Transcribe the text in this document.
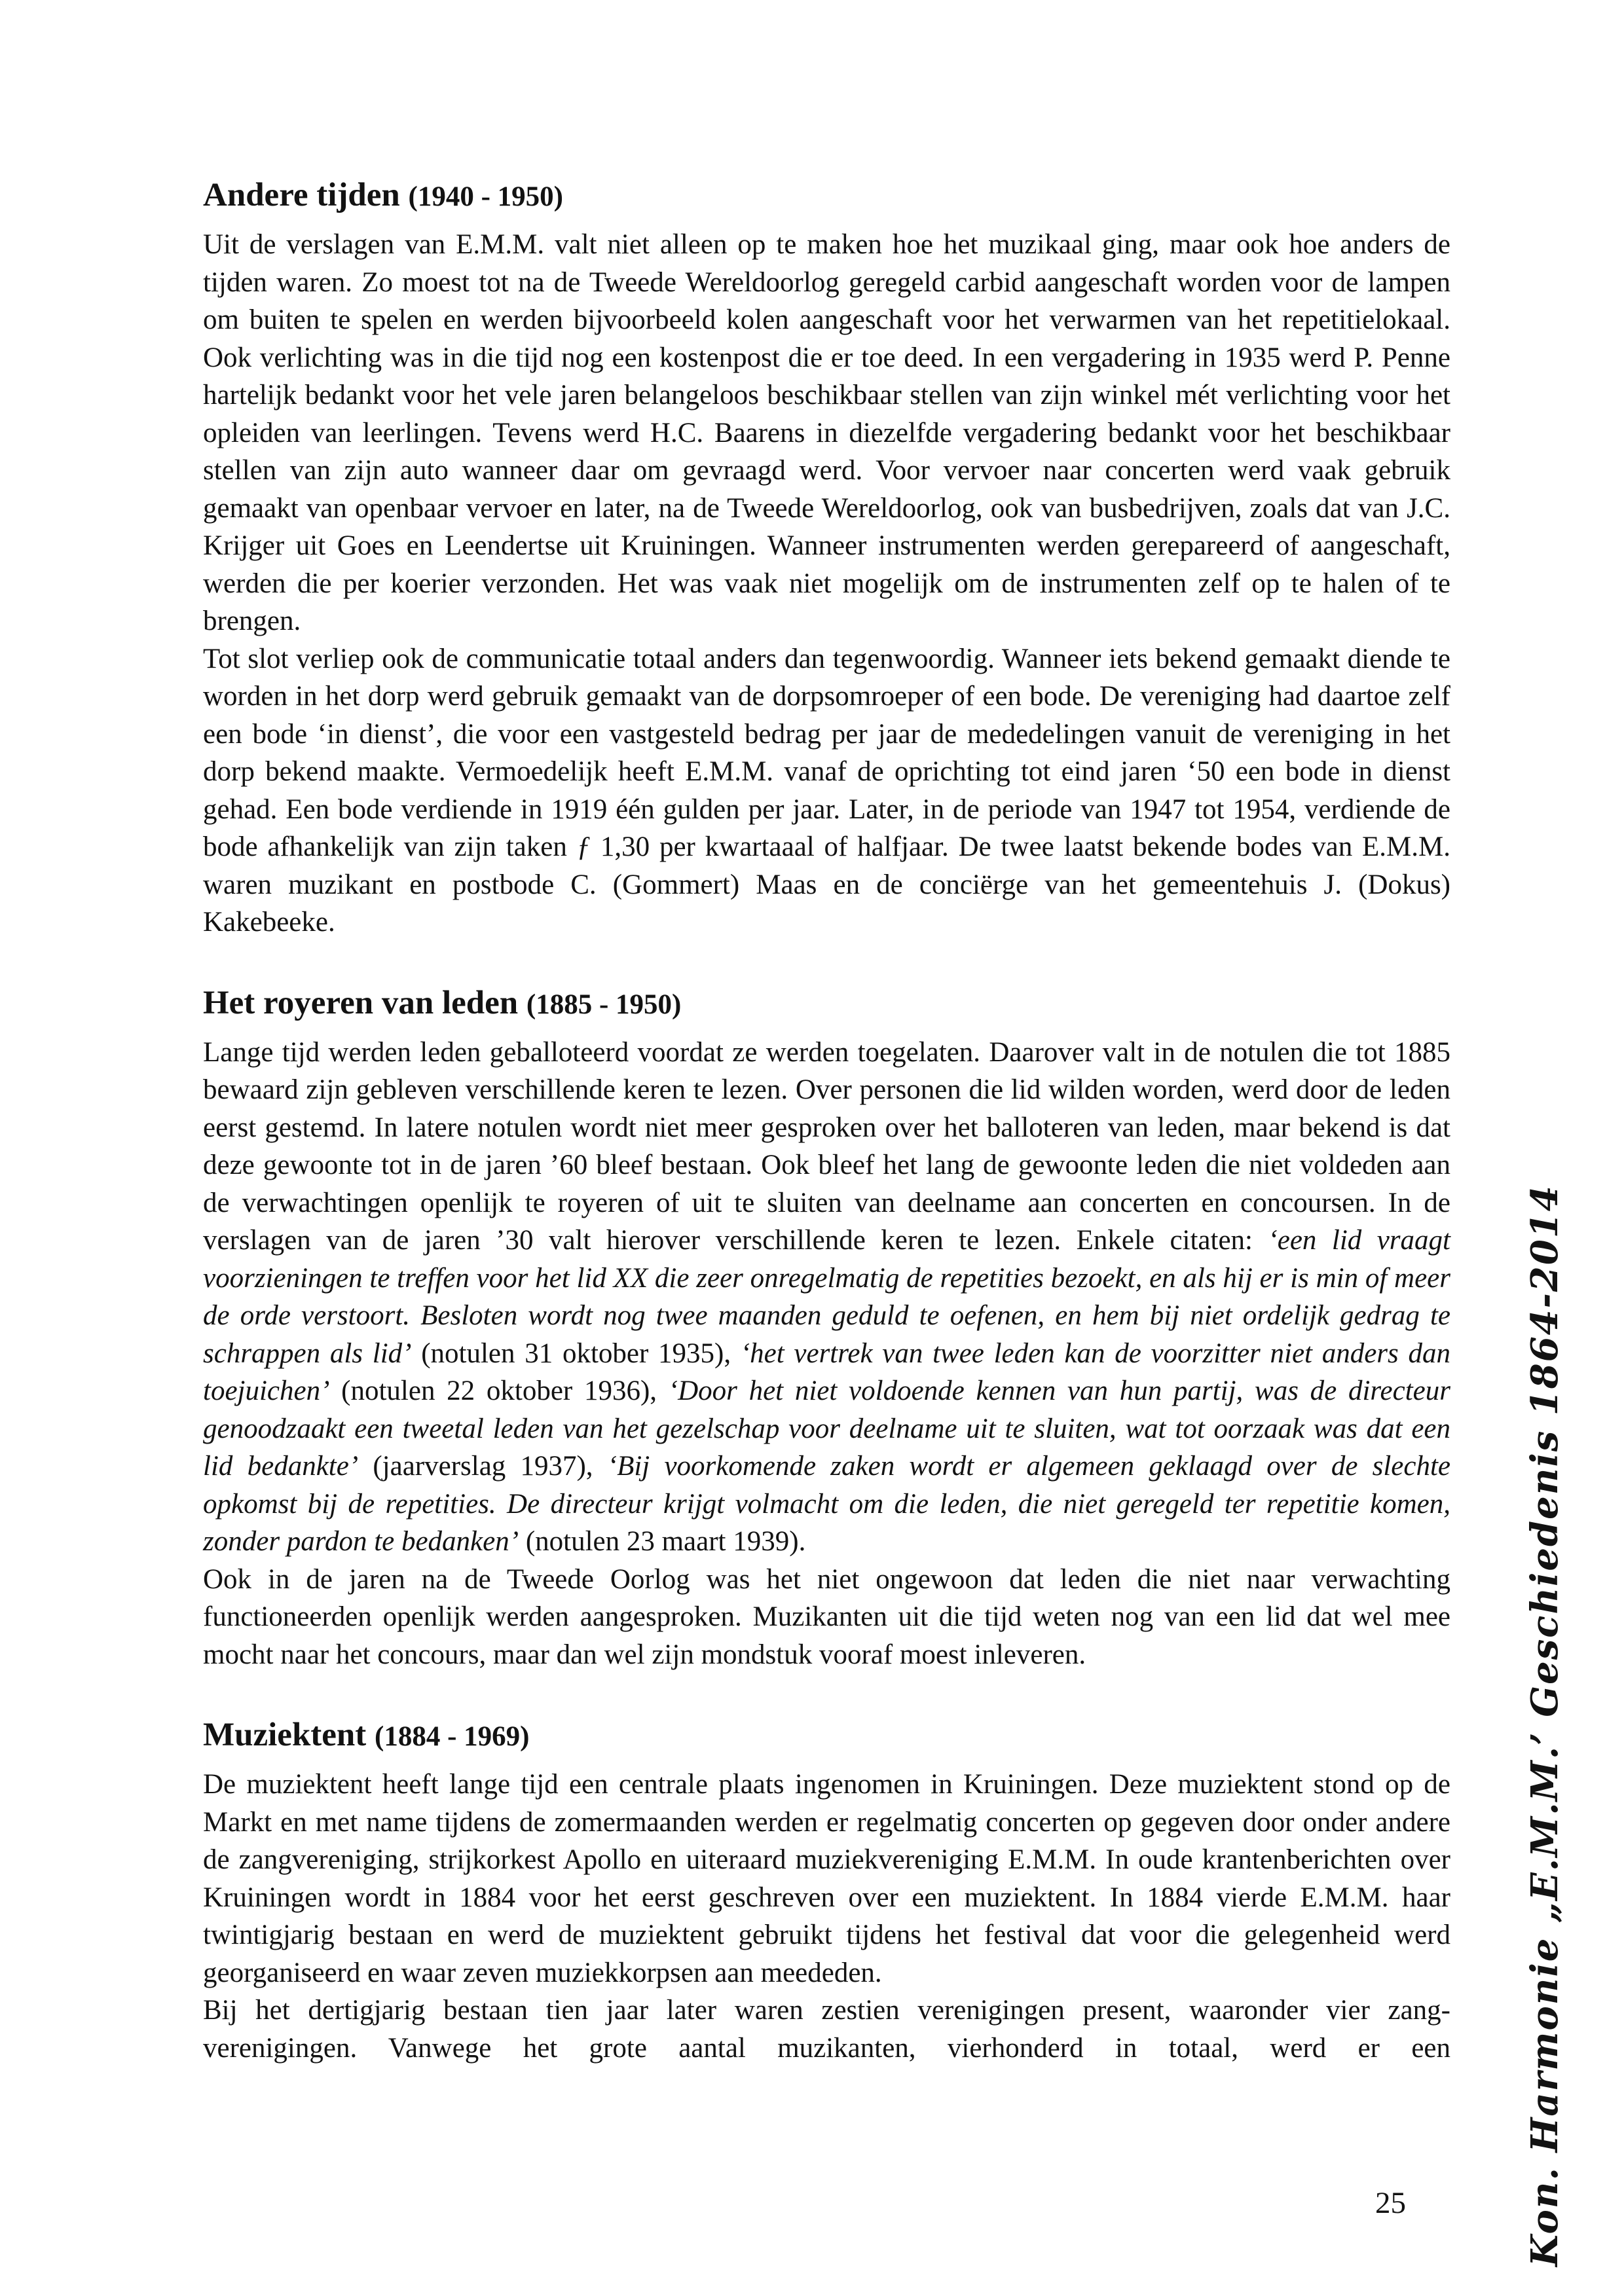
Andere tijden (1940 - 1950)

Uit de verslagen van E.M.M. valt niet alleen op te maken hoe het muzikaal ging, maar ook hoe anders de tijden waren. Zo moest tot na de Tweede Wereldoorlog geregeld carbid aangeschaft worden voor de lampen om buiten te spelen en werden bijvoorbeeld kolen aangeschaft voor het verwarmen van het repetitielokaal. Ook verlichting was in die tijd nog een kostenpost die er toe deed. In een vergadering in 1935 werd P. Penne hartelijk bedankt voor het vele jaren belangeloos beschikbaar stellen van zijn winkel mét verlichting voor het opleiden van leerlingen. Tevens werd H.C. Baarens in diezelfde vergadering bedankt voor het beschikbaar stellen van zijn auto wanneer daar om gevraagd werd. Voor vervoer naar concerten werd vaak gebruik gemaakt van openbaar vervoer en later, na de Tweede Wereldoorlog, ook van busbedrijven, zoals dat van J.C. Krijger uit Goes en Leendertse uit Kruiningen. Wanneer instrumenten werden gerepareerd of aangeschaft, werden die per koerier verzonden. Het was vaak niet mogelijk om de instrumenten zelf op te halen of te brengen.

Tot slot verliep ook de communicatie totaal anders dan tegenwoordig. Wanneer iets bekend gemaakt diende te worden in het dorp werd gebruik gemaakt van de dorpsomroeper of een bode. De vereniging had daartoe zelf een bode ‘in dienst’, die voor een vastgesteld bedrag per jaar de mededelingen vanuit de vereniging in het dorp bekend maakte. Vermoedelijk heeft E.M.M. vanaf de oprichting tot eind jaren ‘50 een bode in dienst gehad. Een bode verdiende in 1919 één gulden per jaar. Later, in de periode van 1947 tot 1954, verdiende de bode afhankelijk van zijn taken ƒ 1,30 per kwartaaal of halfjaar. De twee laatst bekende bodes van E.M.M. waren muzikant en postbode C. (Gommert) Maas en de conciërge van het gemeentehuis J. (Dokus) Kakebeeke.

Het royeren van leden (1885 - 1950)

Lange tijd werden leden geballoteerd voordat ze werden toegelaten. Daarover valt in de notulen die tot 1885 bewaard zijn gebleven verschillende keren te lezen. Over personen die lid wilden worden, werd door de leden eerst gestemd. In latere notulen wordt niet meer gesproken over het balloteren van leden, maar bekend is dat deze gewoonte tot in de jaren ’60 bleef bestaan. Ook bleef het lang de gewoonte leden die niet voldeden aan de verwachtingen openlijk te royeren of uit te sluiten van deelname aan concerten en concoursen. In de verslagen van de jaren ’30 valt hierover verschillende keren te lezen. Enkele citaten: ‘een lid vraagt voorzieningen te treffen voor het lid XX die zeer onregelmatig de repetities bezoekt, en als hij er is min of meer de orde verstoort. Besloten wordt nog twee maanden geduld te oefenen, en hem bij niet ordelijk gedrag te schrappen als lid’ (notulen 31 oktober 1935), ‘het vertrek van twee leden kan de voorzitter niet anders dan toejuichen’ (notulen 22 oktober 1936), ‘Door het niet voldoende kennen van hun partij, was de directeur genoodzaakt een tweetal leden van het gezelschap voor deelname uit te sluiten, wat tot oorzaak was dat een lid bedankte’ (jaarverslag 1937), ‘Bij voorkomende zaken wordt er algemeen geklaagd over de slechte opkomst bij de repetities. De directeur krijgt volmacht om die leden, die niet geregeld ter repetitie komen, zonder pardon te bedanken’ (notulen 23 maart 1939).

Ook in de jaren na de Tweede Oorlog was het niet ongewoon dat leden die niet naar verwachting functioneerden openlijk werden aangesproken. Muzikanten uit die tijd weten nog van een lid dat wel mee mocht naar het concours, maar dan wel zijn mondstuk vooraf moest inleveren.

Muziektent (1884 - 1969)

De muziektent heeft lange tijd een centrale plaats ingenomen in Kruiningen. Deze muziektent stond op de Markt en met name tijdens de zomermaanden werden er regelmatig concerten op gegeven door onder andere de zangvereniging, strijkorkest Apollo en uiteraard muziekvereniging E.M.M. In oude krantenberichten over Kruiningen wordt in 1884 voor het eerst geschreven over een muziektent. In 1884 vierde E.M.M. haar twintigjarig bestaan en werd de muziektent gebruikt tijdens het festival dat voor die gelegenheid werd georganiseerd en waar zeven muziekkorpsen aan meededen.

Bij het dertigjarig bestaan tien jaar later waren zestien verenigingen present, waaronder vier zang-verenigingen. Vanwege het grote aantal muzikanten, vierhonderd in totaal, werd er een Kon. Harmonie „E.M.M.’ Geschiedenis 1864-2014
25
